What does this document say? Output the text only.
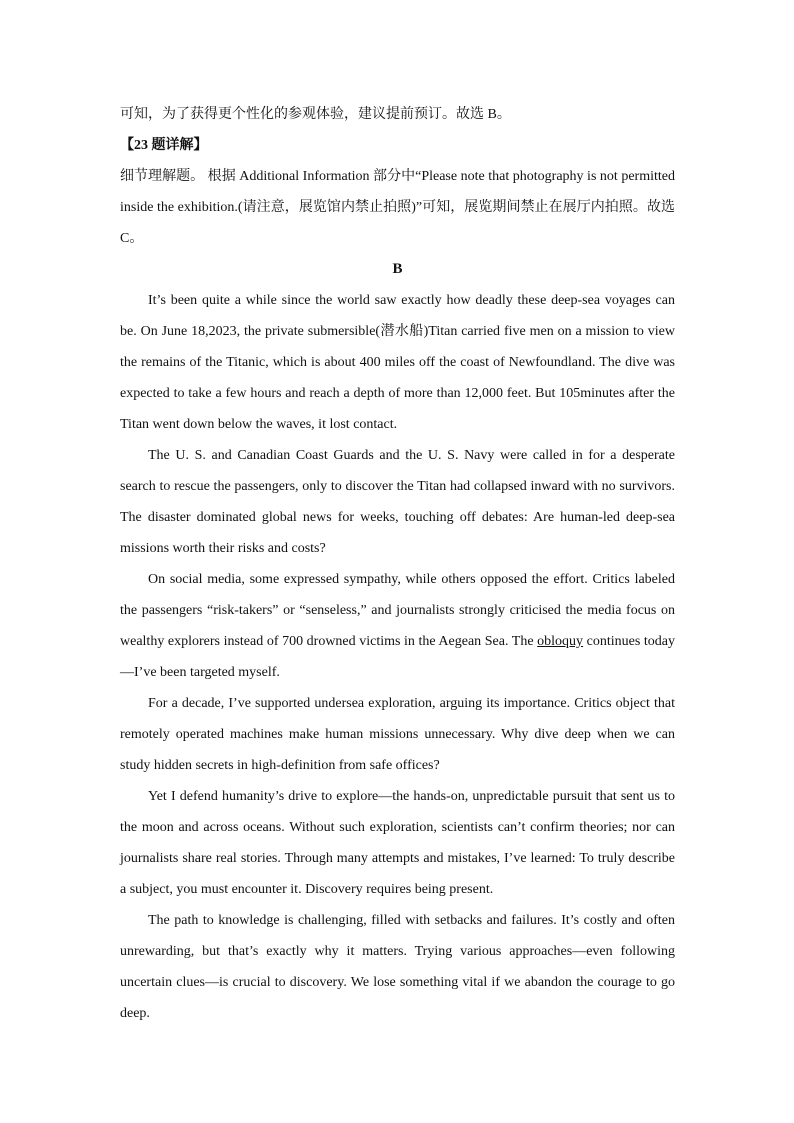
可知，为了获得更个性化的参观体验，建议提前预订。故选 B。

【23 题详解】

细节理解题。 根据 Additional Information 部分中“Please note that photography is not permitted inside the exhibition.(请注意，展览馆内禁止拍照)”可知，展览期间禁止在展厅内拍照。故选 C。

B

It’s been quite a while since the world saw exactly how deadly these deep-sea voyages can be. On June 18,2023, the private submersible(潜水船)Titan carried five men on a mission to view the remains of the Titanic, which is about 400 miles off the coast of Newfoundland. The dive was expected to take a few hours and reach a depth of more than 12,000 feet. But 105minutes after the Titan went down below the waves, it lost contact.

The U. S. and Canadian Coast Guards and the U. S. Navy were called in for a desperate search to rescue the passengers, only to discover the Titan had collapsed inward with no survivors. The disaster dominated global news for weeks, touching off debates: Are human-led deep-sea missions worth their risks and costs?

On social media, some expressed sympathy, while others opposed the effort. Critics labeled the passengers “risk-takers” or “senseless,” and journalists strongly criticised the media focus on wealthy explorers instead of 700 drowned victims in the Aegean Sea. The obloquy continues today—I’ve been targeted myself.

For a decade, I’ve supported undersea exploration, arguing its importance. Critics object that remotely operated machines make human missions unnecessary. Why dive deep when we can study hidden secrets in high-definition from safe offices?

Yet I defend humanity’s drive to explore—the hands-on, unpredictable pursuit that sent us to the moon and across oceans. Without such exploration, scientists can’t confirm theories; nor can journalists share real stories. Through many attempts and mistakes, I’ve learned: To truly describe a subject, you must encounter it. Discovery requires being present.

The path to knowledge is challenging, filled with setbacks and failures. It’s costly and often unrewarding, but that’s exactly why it matters. Trying various approaches—even following uncertain clues—is crucial to discovery. We lose something vital if we abandon the courage to go deep.
